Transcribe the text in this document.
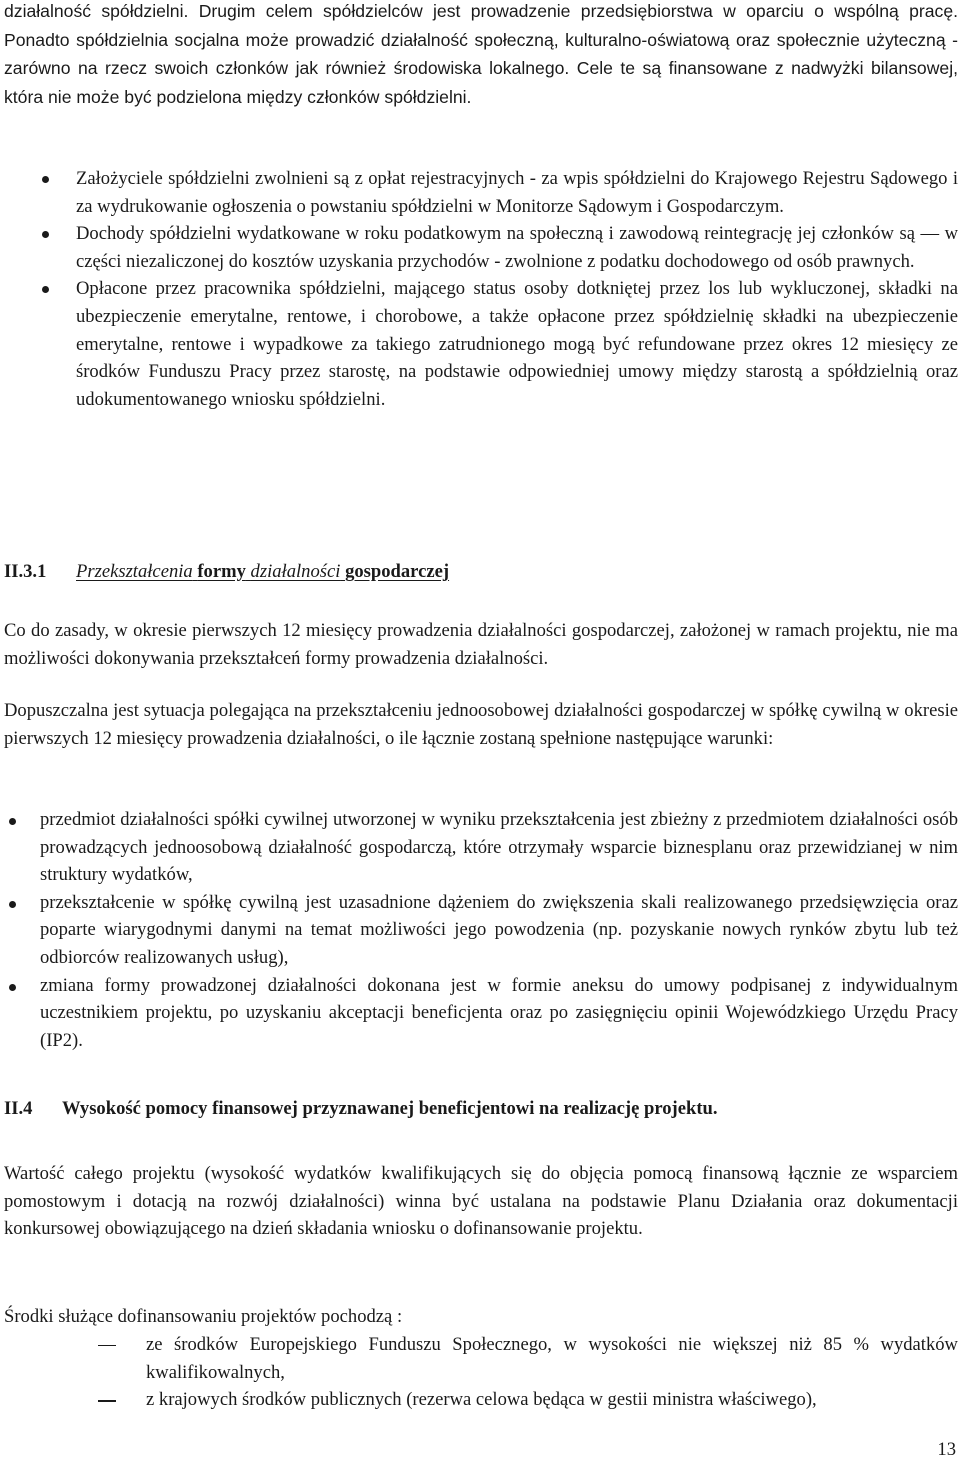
działalność spółdzielni. Drugim celem spółdzielców jest prowadzenie przedsiębiorstwa w oparciu o wspólną pracę. Ponadto spółdzielnia socjalna może prowadzić działalność społeczną, kulturalno-oświatową oraz społecznie użyteczną - zarówno na rzecz swoich członków jak również środowiska lokalnego. Cele te są finansowane z nadwyżki bilansowej, która nie może być podzielona między członków spółdzielni.

Założyciele spółdzielni zwolnieni są z opłat rejestracyjnych - za wpis spółdzielni do Krajowego Rejestru Sądowego i za wydrukowanie ogłoszenia o powstaniu spółdzielni w Monitorze Sądowym i Gospodarczym.

Dochody spółdzielni wydatkowane w roku podatkowym na społeczną i zawodową reintegrację jej członków są ― w części niezaliczonej do kosztów uzyskania przychodów - zwolnione z podatku dochodowego od osób prawnych.

Opłacone przez pracownika spółdzielni, mającego status osoby dotkniętej przez los lub wykluczonej, składki na ubezpieczenie emerytalne, rentowe, i chorobowe, a także opłacone przez spółdzielnię składki na ubezpieczenie emerytalne, rentowe i wypadkowe za takiego zatrudnionego mogą być refundowane przez okres 12 miesięcy ze środków Funduszu Pracy przez starostę, na podstawie odpowiedniej umowy między starostą a spółdzielnią oraz udokumentowanego wniosku spółdzielni.

II.3.1 Przekształcenia formy działalności gospodarczej

Co do zasady, w okresie pierwszych 12 miesięcy prowadzenia działalności gospodarczej, założonej w ramach projektu, nie ma możliwości dokonywania przekształceń formy prowadzenia działalności.

Dopuszczalna jest sytuacja polegająca na przekształceniu jednoosobowej działalności gospodarczej w spółkę cywilną w okresie pierwszych 12 miesięcy prowadzenia działalności, o ile łącznie zostaną spełnione następujące warunki:

przedmiot działalności spółki cywilnej utworzonej w wyniku przekształcenia jest zbieżny z przedmiotem działalności osób prowadzących jednoosobową działalność gospodarczą, które otrzymały wsparcie biznesplanu oraz przewidzianej w nim struktury wydatków,

przekształcenie w spółkę cywilną jest uzasadnione dążeniem do zwiększenia skali realizowanego przedsięwzięcia oraz poparte wiarygodnymi danymi na temat możliwości jego powodzenia (np. pozyskanie nowych rynków zbytu lub też odbiorców realizowanych usług),

zmiana formy prowadzonej działalności dokonana jest w formie aneksu do umowy podpisanej z indywidualnym uczestnikiem projektu, po uzyskaniu akceptacji beneficjenta oraz po zasięgnięciu opinii Wojewódzkiego Urzędu Pracy (IP2).

II.4 Wysokość pomocy finansowej przyznawanej beneficjentowi na realizację projektu.

Wartość całego projektu (wysokość wydatków kwalifikujących się do objęcia pomocą finansową łącznie ze wsparciem pomostowym i dotacją na rozwój działalności) winna być ustalana na podstawie Planu Działania oraz dokumentacji konkursowej obowiązującego na dzień składania wniosku o dofinansowanie projektu.

Środki służące dofinansowaniu projektów pochodzą :

ze środków Europejskiego Funduszu Społecznego, w wysokości nie większej niż 85 % wydatków kwalifikowalnych,

z krajowych środków publicznych (rezerwa celowa będąca w gestii ministra właściwego),

13
